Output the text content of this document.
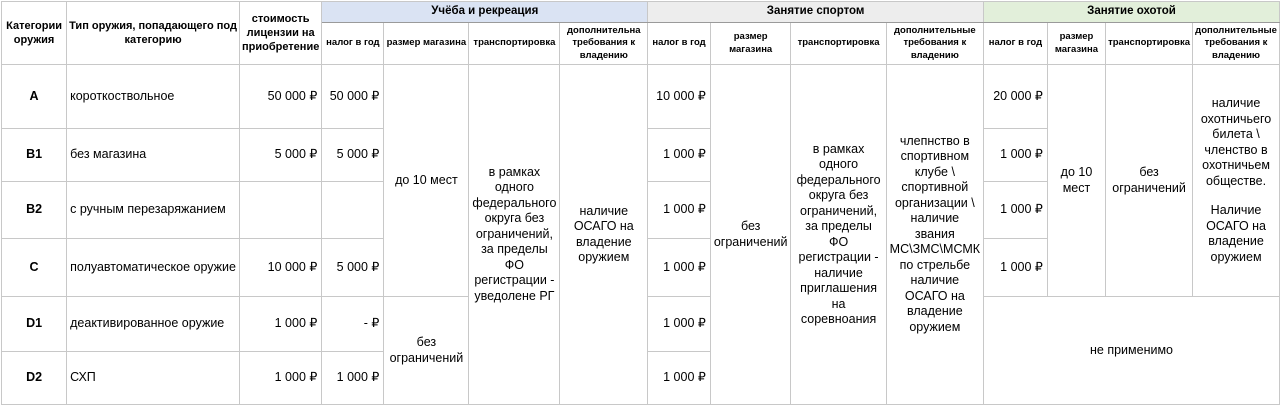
Категории оружия	Тип оружия, попадающего под категорию	стоимость лицензии на приобретение	Учёба и рекреация				Занятие спортом				Занятие охотой			
			налог в год	размер магазина	транспортировка	дополнительна требования к владению	налог в год	размер магазина	транспортировка	дополнительные требования к владению	налог в год	размер магазина	транспортировка	дополнительные требования к владению
A	короткоствольное	50 000 ₽	50 000 ₽	до 10 мест	в рамках одного федерального округа без ограничений, за пределы ФО регистрации - уведолене РГ	наличие ОСАГО на владение оружием	10 000 ₽	без ограничений	в рамках одного федерального округа без ограничений, за пределы ФО регистрации - наличие приглашения на соревноания	члепнство в спортивном клубе \ спортивной организации \ наличие звания МС\ЗМС\МСМК по стрельбе наличие ОСАГО на владение оружием	20 000 ₽	до 10 мест	без ограничений	наличие охотничьего билета \ членство в охотничьем обществе.
Наличие ОСАГО на владение оружием

B1	без магазина	5 000 ₽	5 000 ₽				1 000 ₽				1 000 ₽			
B2	с ручным перезаряжанием						1 000 ₽				1 000 ₽			
C	полуавтоматическое оружие	10 000 ₽	5 000 ₽				1 000 ₽				1 000 ₽			
D1	деактивированное оружие	1 000 ₽	- ₽	без ограничений			1 000 ₽				не применимо			
D2	СХП	1 000 ₽	1 000 ₽				1 000 ₽							
